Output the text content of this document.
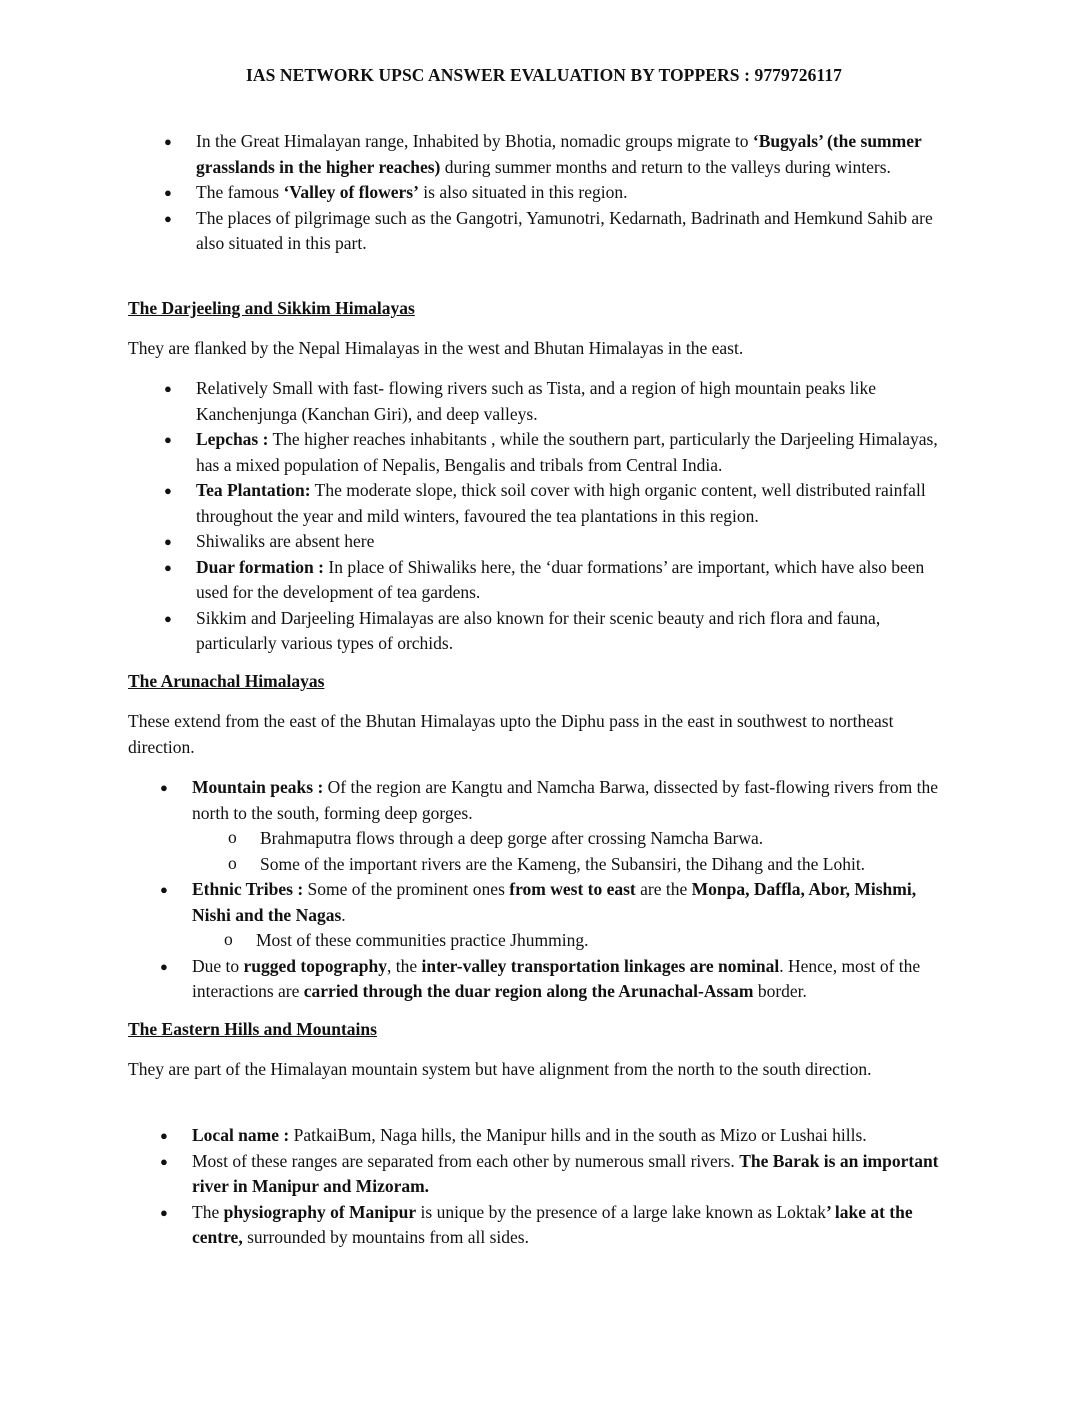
IAS NETWORK UPSC ANSWER EVALUATION BY TOPPERS : 9779726117
● In the Great Himalayan range, Inhabited by Bhotia, nomadic groups migrate to ‘Bugyals’ (the summer grasslands in the higher reaches) during summer months and return to the valleys during winters.
● The famous ‘Valley of flowers’ is also situated in this region.
● The places of pilgrimage such as the Gangotri, Yamunotri, Kedarnath, Badrinath and Hemkund Sahib are also situated in this part.
The Darjeeling and Sikkim Himalayas
They are flanked by the Nepal Himalayas in the west and Bhutan Himalayas in the east.
● Relatively Small with fast- flowing rivers such as Tista, and a region of high mountain peaks like Kanchenjunga (Kanchan Giri), and deep valleys.
● Lepchas : The higher reaches inhabitants , while the southern part, particularly the Darjeeling Himalayas, has a mixed population of Nepalis, Bengalis and tribals from Central India.
● Tea Plantation: The moderate slope, thick soil cover with high organic content, well distributed rainfall throughout the year and mild winters, favoured the tea plantations in this region.
● Shiwaliks are absent here
● Duar formation : In place of Shiwaliks here, the ‘duar formations’ are important, which have also been used for the development of tea gardens.
● Sikkim and Darjeeling Himalayas are also known for their scenic beauty and rich flora and fauna, particularly various types of orchids.
The Arunachal Himalayas
These extend from the east of the Bhutan Himalayas upto the Diphu pass in the east in southwest to northeast direction.
● Mountain peaks : Of the region are Kangtu and Namcha Barwa, dissected by fast-flowing rivers from the north to the south, forming deep gorges.
o Brahmaputra flows through a deep gorge after crossing Namcha Barwa.
o Some of the important rivers are the Kameng, the Subansiri, the Dihang and the Lohit.
● Ethnic Tribes : Some of the prominent ones from west to east are the Monpa, Daffla, Abor, Mishmi, Nishi and the Nagas.
o Most of these communities practice Jhumming.
● Due to rugged topography, the inter-valley transportation linkages are nominal. Hence, most of the interactions are carried through the duar region along the Arunachal-Assam border.
The Eastern Hills and Mountains
They are part of the Himalayan mountain system but have alignment from the north to the south direction.
● Local name : PatkaiBum, Naga hills, the Manipur hills and in the south as Mizo or Lushai hills.
● Most of these ranges are separated from each other by numerous small rivers. The Barak is an important river in Manipur and Mizoram.
● The physiography of Manipur is unique by the presence of a large lake known as Loktak’ lake at the centre, surrounded by mountains from all sides.
